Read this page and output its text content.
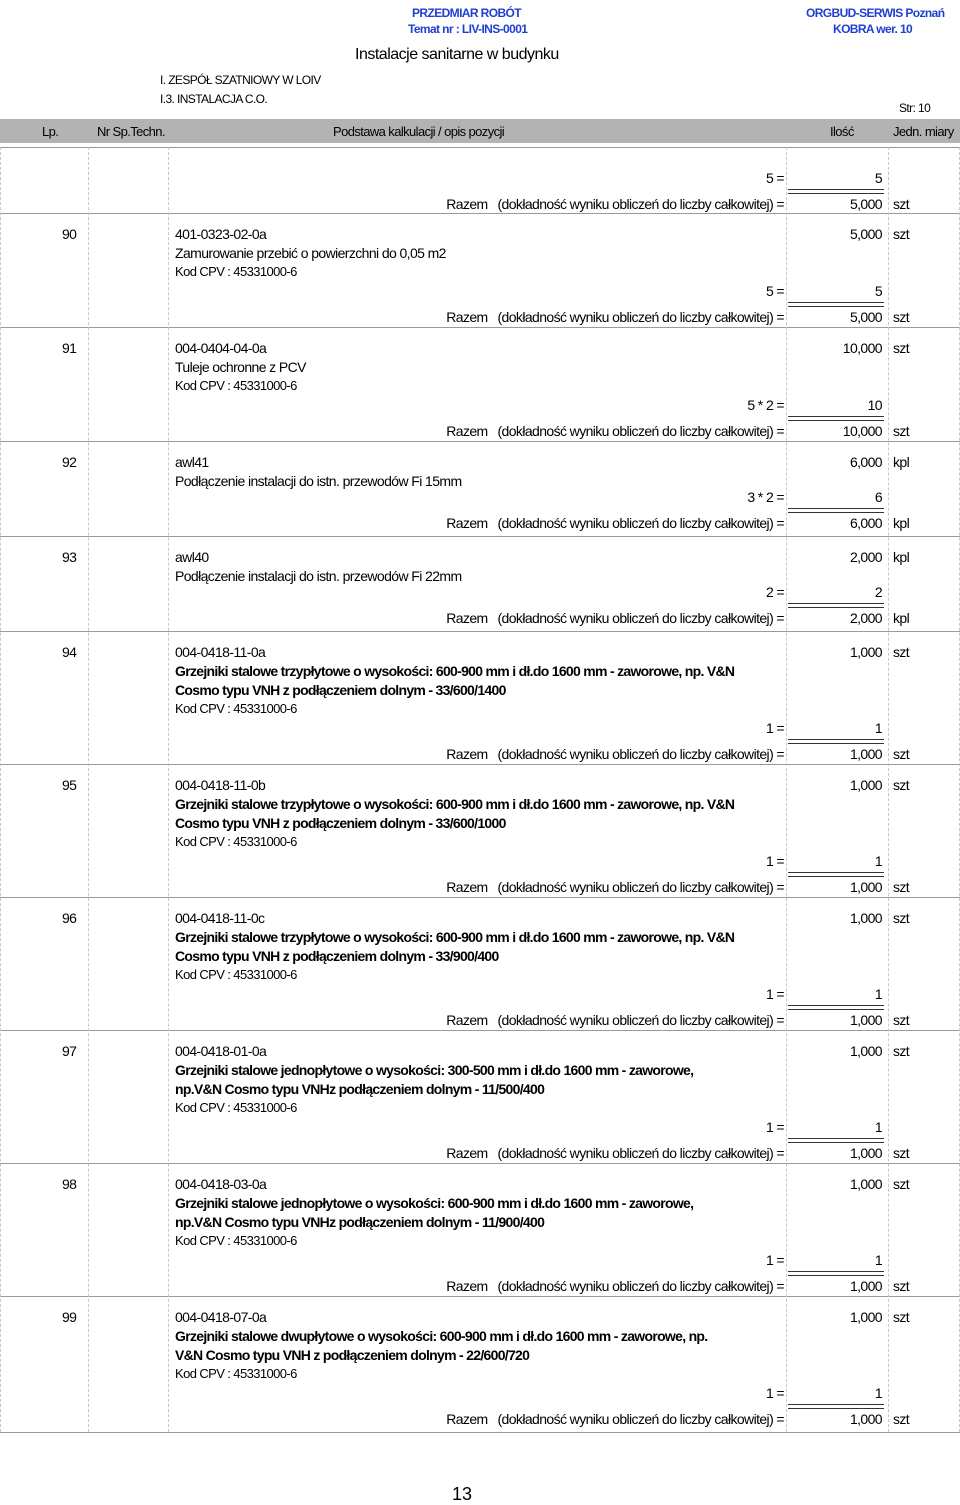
PRZEDMIAR ROBÓT
Temat nr : LIV-INS-0001
ORGBUD-SERWIS Poznań
KOBRA wer. 10
Instalacje sanitarne w budynku
I. ZESPÓŁ SZATNIOWY W LOIV
I.3. INSTALACJA C.O.
Str: 10
Lp.	Nr Sp.Techn.	Podstawa kalkulacji / opis pozycji	Ilość	Jedn. miary
5 =	5
Razem (dokładność wyniku obliczeń do liczby całkowitej) =	5,000 szt
90	401-0323-02-0a	5,000 szt
Zamurowanie przebić o powierzchni do 0,05 m2
Kod CPV : 45331000-6
5 =	5
Razem (dokładność wyniku obliczeń do liczby całkowitej) =	5,000 szt
91	004-0404-04-0a	10,000 szt
Tuleje ochronne z PCV
Kod CPV : 45331000-6
5 * 2 =	10
Razem (dokładność wyniku obliczeń do liczby całkowitej) =	10,000 szt
92	awl41	6,000 kpl
Podłączenie instalacji do istn. przewodów Fi 15mm
3 * 2 =	6
Razem (dokładność wyniku obliczeń do liczby całkowitej) =	6,000 kpl
93	awl40	2,000 kpl
Podłączenie instalacji do istn. przewodów Fi 22mm
2 =	2
Razem (dokładność wyniku obliczeń do liczby całkowitej) =	2,000 kpl
94	004-0418-11-0a	1,000 szt
Grzejniki stalowe trzypłytowe o wysokości: 600-900 mm i dł.do 1600 mm - zaworowe, np. V&N
Cosmo typu VNH z podłączeniem dolnym - 33/600/1400
Kod CPV : 45331000-6
1 =	1
Razem (dokładność wyniku obliczeń do liczby całkowitej) =	1,000 szt
95	004-0418-11-0b	1,000 szt
Grzejniki stalowe trzypłytowe o wysokości: 600-900 mm i dł.do 1600 mm - zaworowe, np. V&N
Cosmo typu VNH z podłączeniem dolnym - 33/600/1000
Kod CPV : 45331000-6
1 =	1
Razem (dokładność wyniku obliczeń do liczby całkowitej) =	1,000 szt
96	004-0418-11-0c	1,000 szt
Grzejniki stalowe trzypłytowe o wysokości: 600-900 mm i dł.do 1600 mm - zaworowe, np. V&N
Cosmo typu VNH z podłączeniem dolnym - 33/900/400
Kod CPV : 45331000-6
1 =	1
Razem (dokładność wyniku obliczeń do liczby całkowitej) =	1,000 szt
97	004-0418-01-0a	1,000 szt
Grzejniki stalowe jednopłytowe o wysokości: 300-500 mm i dł.do 1600 mm - zaworowe,
np.V&N Cosmo typu VNHz podłączeniem dolnym - 11/500/400
Kod CPV : 45331000-6
1 =	1
Razem (dokładność wyniku obliczeń do liczby całkowitej) =	1,000 szt
98	004-0418-03-0a	1,000 szt
Grzejniki stalowe jednopłytowe o wysokości: 600-900 mm i dł.do 1600 mm - zaworowe,
np.V&N Cosmo typu VNHz podłączeniem dolnym - 11/900/400
Kod CPV : 45331000-6
1 =	1
Razem (dokładność wyniku obliczeń do liczby całkowitej) =	1,000 szt
99	004-0418-07-0a	1,000 szt
Grzejniki stalowe dwupłytowe o wysokości: 600-900 mm i dł.do 1600 mm - zaworowe, np.
V&N Cosmo typu VNH z podłączeniem dolnym - 22/600/720
Kod CPV : 45331000-6
1 =	1
Razem (dokładność wyniku obliczeń do liczby całkowitej) =	1,000 szt
13
